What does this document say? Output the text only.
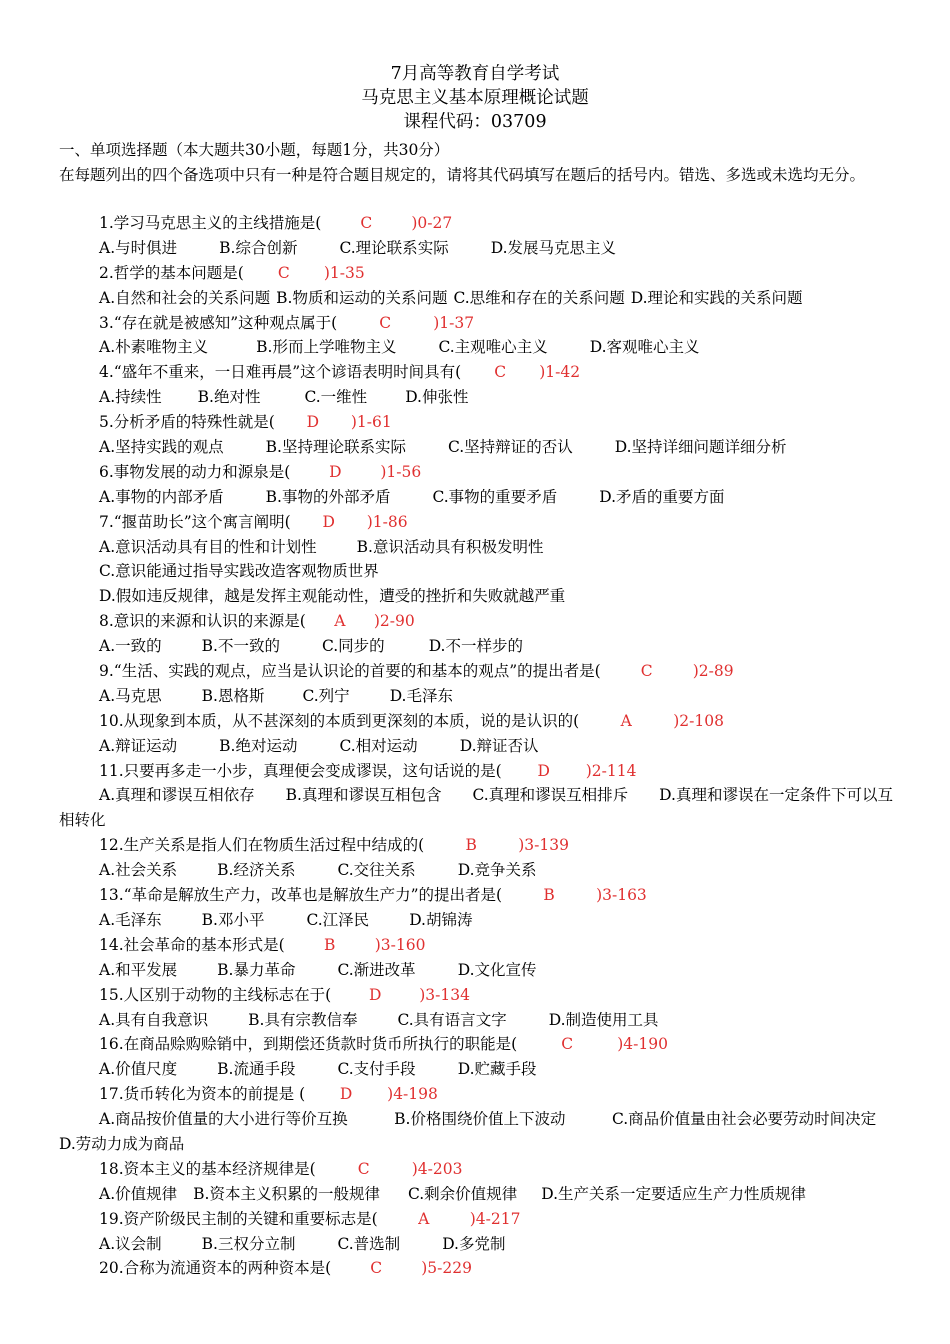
7月高等教育自学考试
马克思主义基本原理概论试题
课程代码：03709
一、单项选择题（本大题共30小题，每题1分，共30分）
在每题列出的四个备选项中只有一种是符合题目规定的，请将其代码填写在题后的括号内。错选、多选或未选均无分。
1.学习马克思主义的主线措施是(	C	)0-27
A.与时俱进	B.综合创新	C.理论联系实际	D.发展马克思主义
2.哲学的基本问题是( C )1-35
A.自然和社会的关系问题 B.物质和运动的关系问题 C.思维和存在的关系问题 D.理论和实践的关系问题
3.“存在就是被感知”这种观点属于(	C	)1-37
A.朴素唯物主义	B.形而上学唯物主义	C.主观唯心主义	D.客观唯心主义
4.“盛年不重来，一日难再晨”这个谚语表明时间具有( C )1-42
A.持续性 B.绝对性	C.一维性 D.伸张性
5.分析矛盾的特殊性就是( D )1-61
A.坚持实践的观点	B.坚持理论联系实际	C.坚持辩证的否认	D.坚持详细问题详细分析
6.事物发展的动力和源泉是(	D	)1-56
A.事物的内部矛盾	B.事物的外部矛盾	C.事物的重要矛盾	D.矛盾的重要方面
7.“揠苗助长”这个寓言阐明( D )1-86
A.意识活动具有目的性和计划性	B.意识活动具有积极发明性
C.意识能通过指导实践改造客观物质世界
D.假如违反规律，越是发挥主观能动性，遭受的挫折和失败就越严重
8.意识的来源和认识的来源是( A )2-90
A.一致的	B.不一致的	C.同步的	D.不一样步的
9.“生活、实践的观点，应当是认识论的首要的和基本的观点”的提出者是(	C	)2-89
A.马克思	B.恩格斯 C.列宁	D.毛泽东
10.从现象到本质，从不甚深刻的本质到更深刻的本质，说的是认识的(	A	)2-108
A.辩证运动	B.绝对运动	C.相对运动	D.辩证否认
11.只要再多走一小步，真理便会变成谬误，这句话说的是( D )2-114
A.真理和谬误互相依存　　B.真理和谬误互相包含　　C.真理和谬误互相排斥　　D.真理和谬误在一定条件下可以互相转化
12.生产关系是指人们在物质生活过程中结成的(	B	)3-139
A.社会关系	B.经济关系	C.交往关系	D.竞争关系
13.“革命是解放生产力，改革也是解放生产力”的提出者是(	B	)3-163
A.毛泽东	B.邓小平	C.江泽民	D.胡锦涛
14.社会革命的基本形式是(	B	)3-160
A.和平发展	B.暴力革命	C.渐进改革	D.文化宣传
15.人区别于动物的主线标志在于( D )3-134
A.具有自我意识	B.具有宗教信奉	C.具有语言文字	D.制造使用工具
16.在商品赊购赊销中，到期偿还货款时货币所执行的职能是(	C	)4-190
A.价值尺度	B.流通手段	C.支付手段	D.贮藏手段
17.货币转化为资本的前提是 ( D )4-198
A.商品按价值量的大小进行等价互换　　　B.价格围绕价值上下波动　　　C.商品价值量由社会必要劳动时间决定　　　D.劳动力成为商品
18.资本主义的基本经济规律是(	C	)4-203
A.价值规律 B.资本主义积累的一般规律 C.剩余价值规律 D.生产关系一定要适应生产力性质规律
19.资产阶级民主制的关键和重要标志是(	A	)4-217
A.议会制	B.三权分立制	C.普选制	D.多党制
20.合称为流通资本的两种资本是(	C	)5-229
